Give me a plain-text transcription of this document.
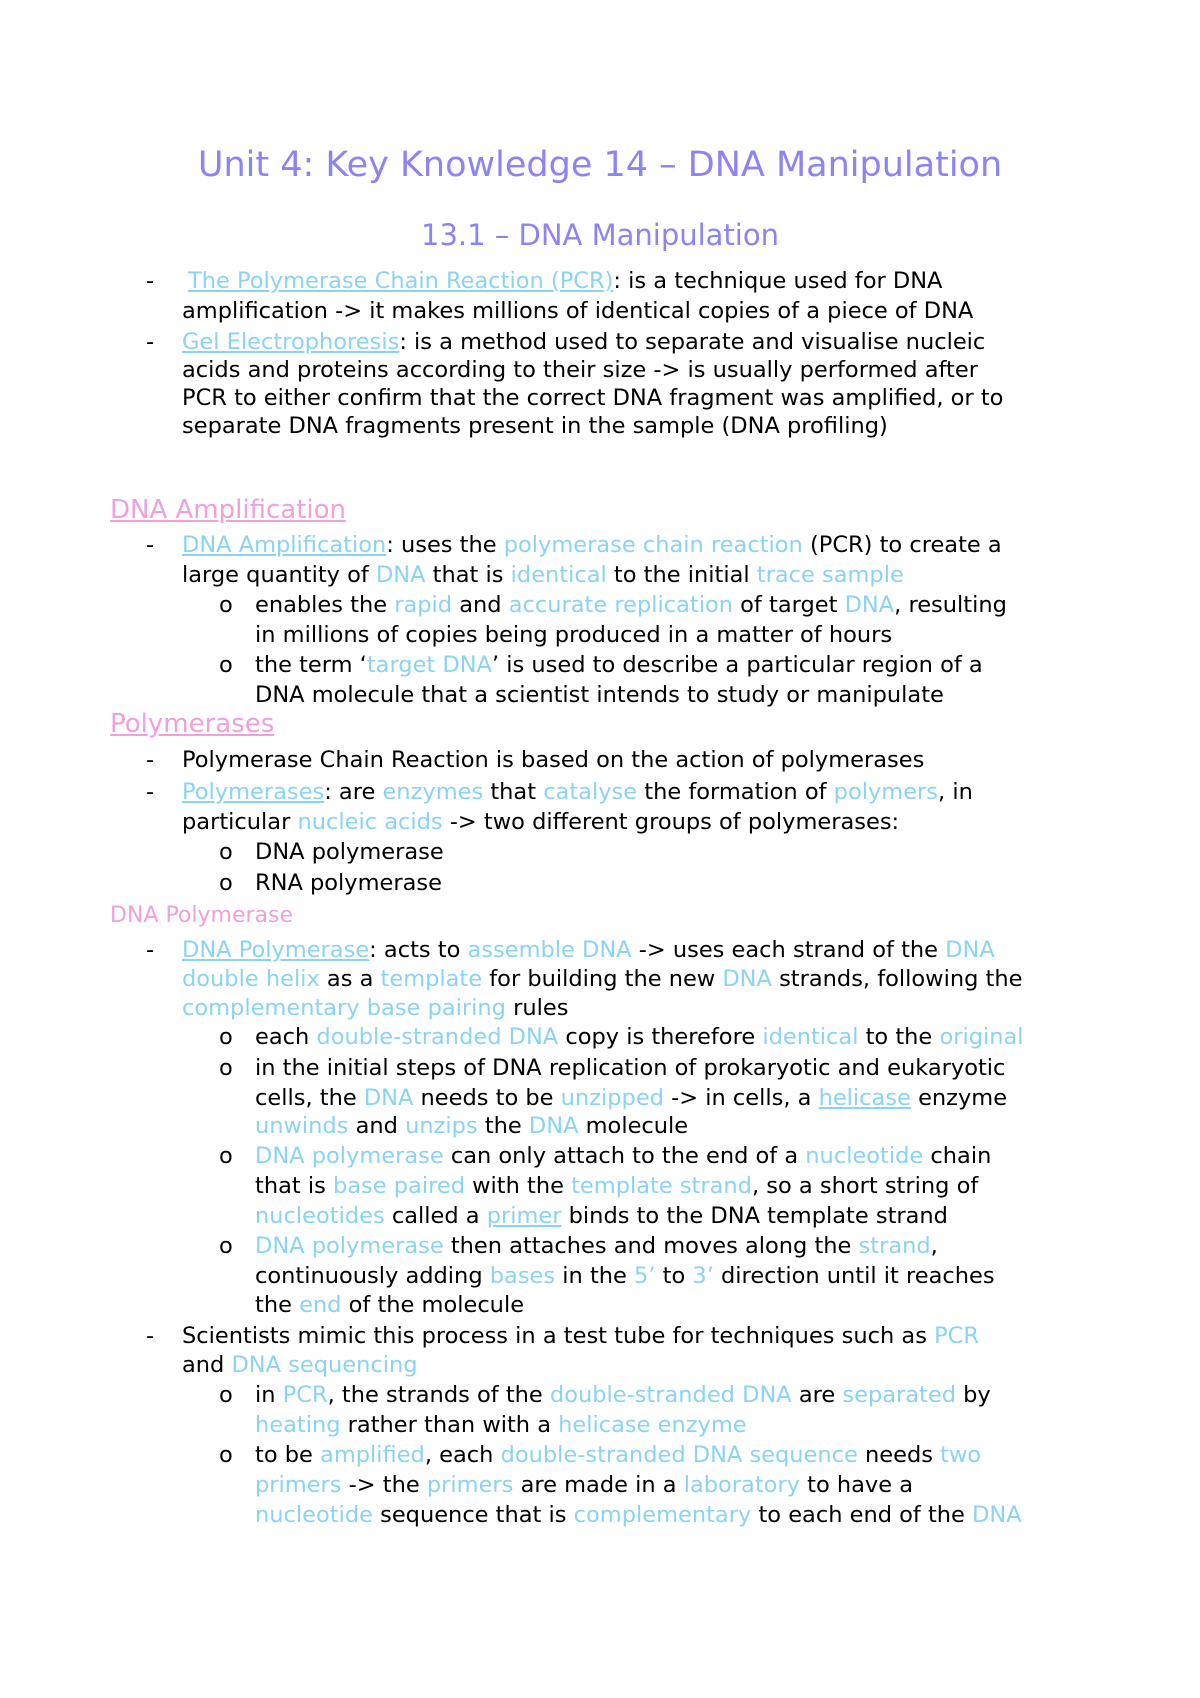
Unit 4: Key Knowledge 14 – DNA Manipulation
13.1 – DNA Manipulation
- The Polymerase Chain Reaction (PCR): is a technique used for DNA
amplification -> it makes millions of identical copies of a piece of DNA
- Gel Electrophoresis: is a method used to separate and visualise nucleic
acids and proteins according to their size -> is usually performed after
PCR to either confirm that the correct DNA fragment was amplified, or to
separate DNA fragments present in the sample (DNA profiling)
DNA Amplification
- DNA Amplification: uses the polymerase chain reaction (PCR) to create a
large quantity of DNA that is identical to the initial trace sample
o enables the rapid and accurate replication of target DNA, resulting
in millions of copies being produced in a matter of hours
o the term ‘target DNA’ is used to describe a particular region of a
DNA molecule that a scientist intends to study or manipulate
Polymerases
- Polymerase Chain Reaction is based on the action of polymerases
- Polymerases: are enzymes that catalyse the formation of polymers, in
particular nucleic acids -> two different groups of polymerases:
o DNA polymerase
o RNA polymerase
DNA Polymerase
- DNA Polymerase: acts to assemble DNA -> uses each strand of the DNA
double helix as a template for building the new DNA strands, following the
complementary base pairing rules
o each double-stranded DNA copy is therefore identical to the original
o in the initial steps of DNA replication of prokaryotic and eukaryotic
cells, the DNA needs to be unzipped -> in cells, a helicase enzyme
unwinds and unzips the DNA molecule
o DNA polymerase can only attach to the end of a nucleotide chain
that is base paired with the template strand, so a short string of
nucleotides called a primer binds to the DNA template strand
o DNA polymerase then attaches and moves along the strand,
continuously adding bases in the 5’ to 3’ direction until it reaches
the end of the molecule
- Scientists mimic this process in a test tube for techniques such as PCR
and DNA sequencing
o in PCR, the strands of the double-stranded DNA are separated by
heating rather than with a helicase enzyme
o to be amplified, each double-stranded DNA sequence needs two
primers -> the primers are made in a laboratory to have a
nucleotide sequence that is complementary to each end of the DNA
